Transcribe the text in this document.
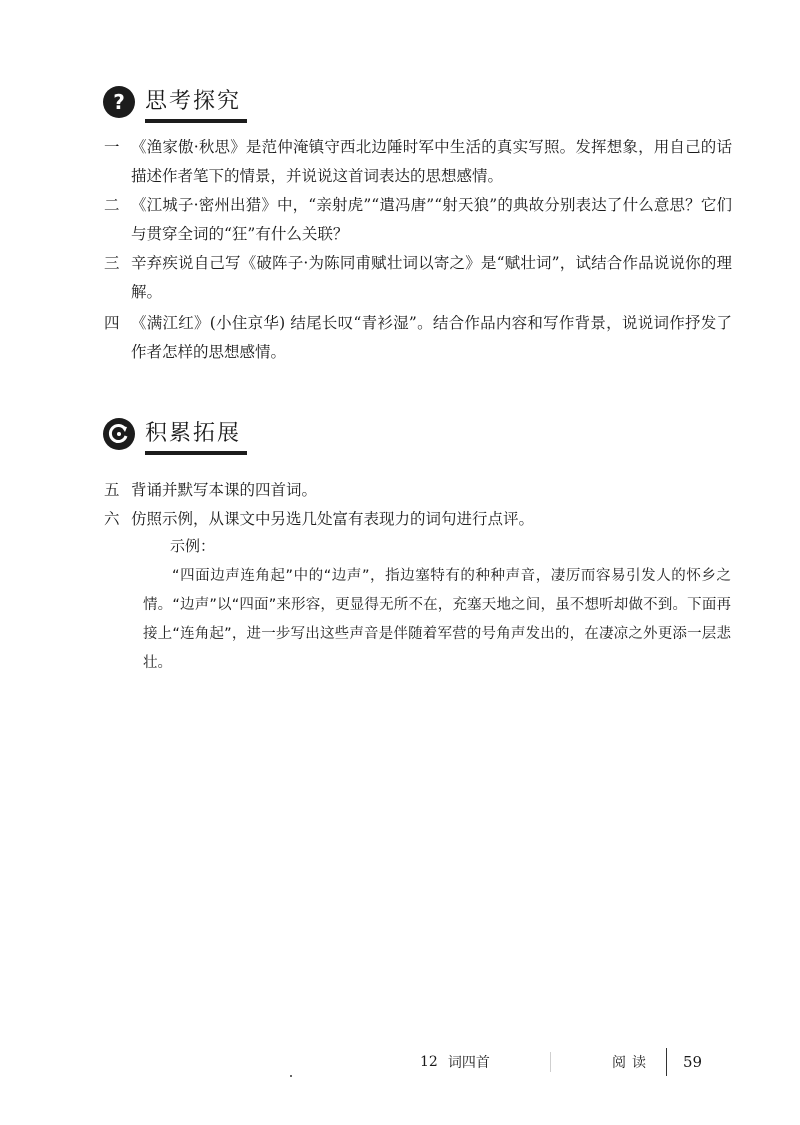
? 思考探究
一 《渔家傲·秋思》是范仲淹镇守西北边陲时军中生活的真实写照。发挥想象，用自己的话描述作者笔下的情景，并说说这首词表达的思想感情。
二 《江城子·密州出猎》中，“亲射虎”“遣冯唐”“射天狼”的典故分别表达了什么意思？它们与贯穿全词的“狂”有什么关联？
三 辛弃疾说自己写《破阵子·为陈同甫赋壮词以寄之》是“赋壮词”，试结合作品说说你的理解。
四 《满江红》(小住京华) 结尾长叹“青衫湿”。结合作品内容和写作背景，说说词作抒发了作者怎样的思想感情。
积累拓展
五 背诵并默写本课的四首词。
六 仿照示例，从课文中另选几处富有表现力的词句进行点评。
示例：
“四面边声连角起”中的“边声”，指边塞特有的种种声音，凄厉而容易引发人的怀乡之情。“边声”以“四面”来形容，更显得无所不在，充塞天地之间，虽不想听却做不到。下面再接上“连角起”，进一步写出这些声音是伴随着军营的号角声发出的，在凄凉之外更添一层悲壮。
12 词四首	阅读 59
